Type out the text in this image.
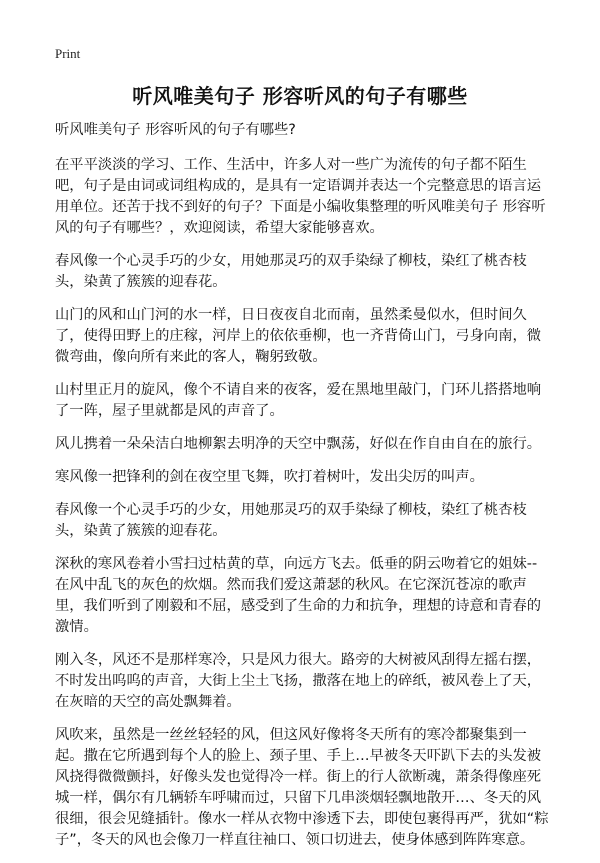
Print
听风唯美句子 形容听风的句子有哪些

听风唯美句子 形容听风的句子有哪些?

在平平淡淡的学习、工作、生活中，许多人对一些广为流传的句子都不陌生吧，句子是由词或词组构成的，是具有一定语调并表达一个完整意思的语言运用单位。还苦于找不到好的句子？下面是小编收集整理的听风唯美句子 形容听风的句子有哪些？，欢迎阅读，希望大家能够喜欢。

春风像一个心灵手巧的少女，用她那灵巧的双手染绿了柳枝，染红了桃杏枝头，染黄了簇簇的迎春花。

山门的风和山门河的水一样，日日夜夜自北而南，虽然柔曼似水，但时间久了，使得田野上的庄稼，河岸上的依依垂柳，也一齐背倚山门，弓身向南，微微弯曲，像向所有来此的客人，鞠躬致敬。

山村里正月的旋风，像个不请自来的夜客，爱在黑地里敲门，门环儿搭搭地响了一阵，屋子里就都是风的声音了。

风儿携着一朵朵洁白地柳絮去明净的天空中飘荡，好似在作自由自在的旅行。

寒风像一把锋利的剑在夜空里飞舞，吹打着树叶，发出尖厉的叫声。

春风像一个心灵手巧的少女，用她那灵巧的双手染绿了柳枝，染红了桃杏枝头，染黄了簇簇的迎春花。

深秋的寒风卷着小雪扫过枯黄的草，向远方飞去。低垂的阴云吻着它的姐妹--在风中乱飞的灰色的炊烟。然而我们爱这萧瑟的秋风。在它深沉苍凉的歌声里，我们听到了刚毅和不屈，感受到了生命的力和抗争，理想的诗意和青春的激情。

刚入冬，风还不是那样寒冷，只是风力很大。路旁的大树被风刮得左摇右摆，不时发出呜呜的声音，大街上尘土飞扬，撒落在地上的碎纸，被风卷上了天，在灰暗的天空的高处飘舞着。

风吹来，虽然是一丝丝轻轻的风，但这风好像将冬天所有的寒冷都聚集到一起。撒在它所遇到每个人的脸上、颈子里、手上…早被冬天吓趴下去的头发被风挠得微微颤抖，好像头发也觉得冷一样。街上的行人欲断魂，萧条得像座死城一样，偶尔有几辆轿车呼啸而过，只留下几串淡烟轻飘地散开…、冬天的风很细，很会见缝插针。像水一样从衣物中渗透下去，即使包裹得再严，犹如“粽子”，冬天的风也会像刀一样直往袖口、领口切进去，使身体感到阵阵寒意。
